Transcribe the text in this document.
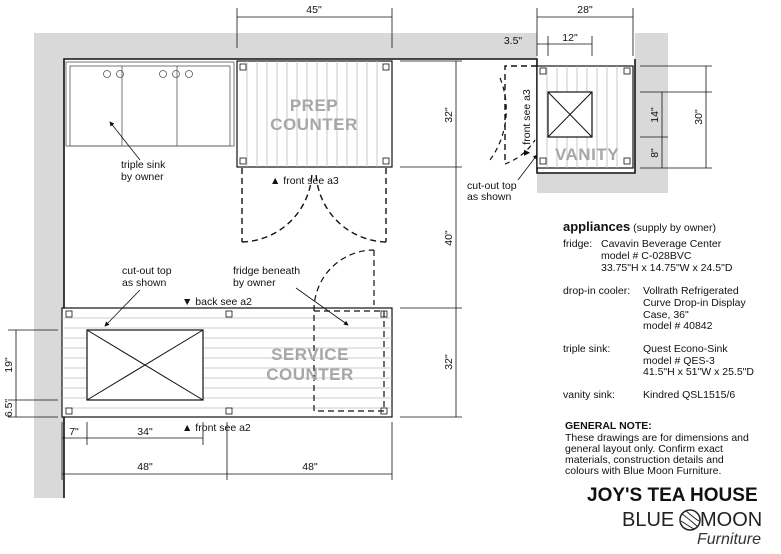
PREP
COUNTER
SERVICE
COUNTER
VANITY
triple sink
by owner	▲ front see a3	cut-out top
as shown
▼ front see a3
cut-out top
as shown
fridge beneath
by owner
▼ back see a2
▲ front see a2
45"	28"
3.5"	12"
32"
40"
32"
14"
8"
30"
19"
6.5"
7"	34"
48"	48"
appliances (supply by owner)
fridge: Cavavin Beverage Center
model # C-028BVC
33.75"H x 14.75"W x 24.5"D
drop-in cooler: Vollrath Refrigerated
Curve Drop-in Display
Case, 36"
model # 40842
triple sink:	Quest Econo-Sink
model # QES-3
41.5"H x 51"W x 25.5"D
vanity sink:	Kindred QSL1515/6
GENERAL NOTE:
These drawings are for dimensions and
general layout only. Confirm exact
materials, construction details and
colours with Blue Moon Furniture.
JOY'S TEA HOUSE
BLUE MOON
Furniture
